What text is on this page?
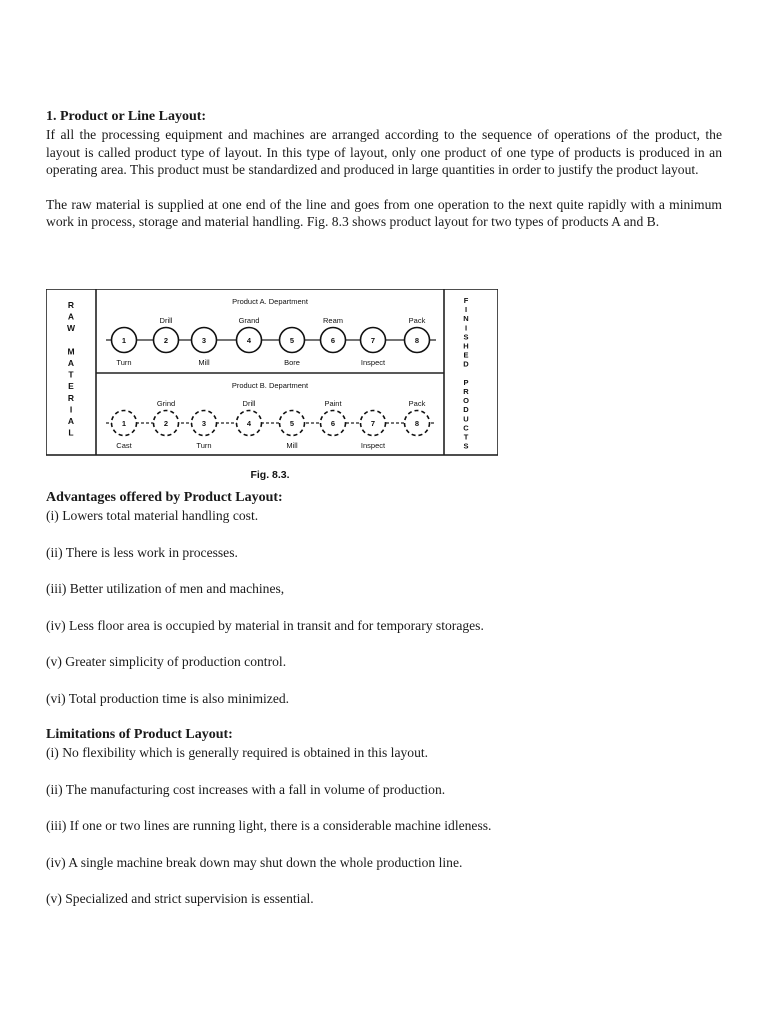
1. Product or Line Layout:

If all the processing equipment and machines are arranged according to the sequence of operations of the product, the layout is called product type of layout. In this type of layout, only one product of one type of products is produced in an operating area. This product must be standardized and produced in large quantities in order to justify the product layout.

The raw material is supplied at one end of the line and goes from one operation to the next quite rapidly with a minimum work in process, storage and material handling. Fig. 8.3 shows product layout for two types of products A and B.

R
A
W
M
A
T
E
R
I
A
L
F
I
N
I
S
H
E
D
P
R
O
D
U
C
T
S
Product A. Department
Product B. Department
1	2	3	4	5	6	7	8
Drill	Grand	Ream	Pack
Turn	Mill	Bore	Inspect
1	2	3	4	5	6	7	8
Grind	Drill	Paint	Pack
Cast	Turn	Mill	Inspect
Fig. 8.3.

Advantages offered by Product Layout:

(i) Lowers total material handling cost.

(ii) There is less work in processes.

(iii) Better utilization of men and machines,

(iv) Less floor area is occupied by material in transit and for temporary storages.

(v) Greater simplicity of production control.

(vi) Total production time is also minimized.

Limitations of Product Layout:

(i) No flexibility which is generally required is obtained in this layout.

(ii) The manufacturing cost increases with a fall in volume of production.

(iii) If one or two lines are running light, there is a considerable machine idleness.

(iv) A single machine break down may shut down the whole production line.

(v) Specialized and strict supervision is essential.
